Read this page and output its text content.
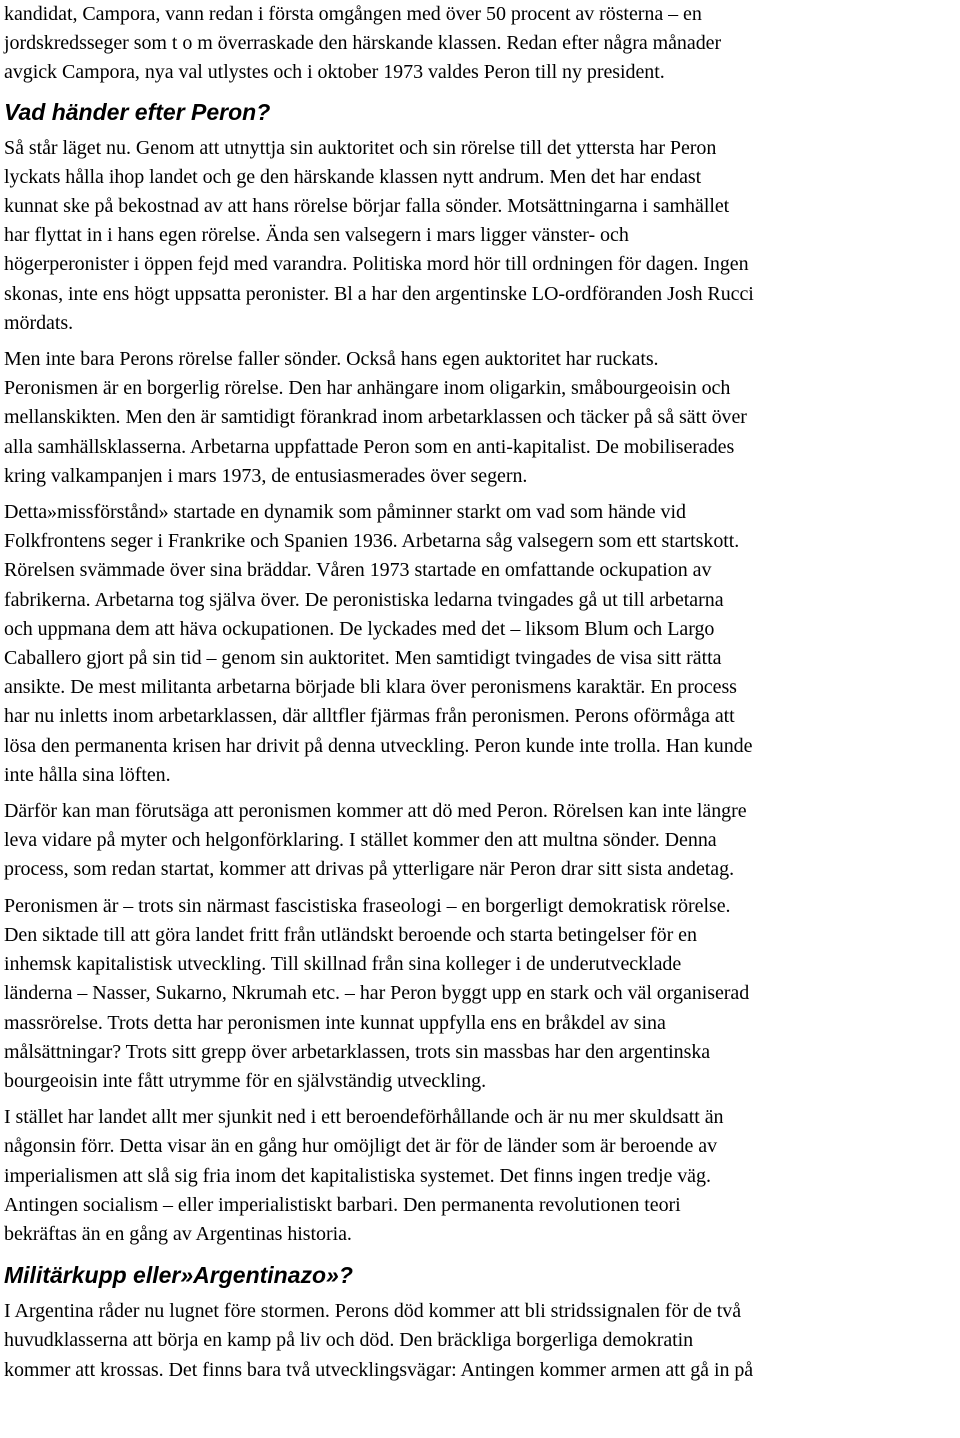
kandidat, Campora, vann redan i första omgången med över 50 procent av rösterna – en
jordskredsseger som t o m överraskade den härskande klassen. Redan efter några månader
avgick Campora, nya val utlystes och i oktober 1973 valdes Peron till ny president.

Vad händer efter Peron?

Så står läget nu. Genom att utnyttja sin auktoritet och sin rörelse till det yttersta har Peron
lyckats hålla ihop landet och ge den härskande klassen nytt andrum. Men det har endast
kunnat ske på bekostnad av att hans rörelse börjar falla sönder. Motsättningarna i samhället
har flyttat in i hans egen rörelse. Ända sen valsegern i mars ligger vänster- och
högerperonister i öppen fejd med varandra. Politiska mord hör till ordningen för dagen. Ingen
skonas, inte ens högt uppsatta peronister. Bl a har den argentinske LO-ordföranden Josh Rucci
mördats.

Men inte bara Perons rörelse faller sönder. Också hans egen auktoritet har ruckats.
Peronismen är en borgerlig rörelse. Den har anhängare inom oligarkin, småbourgeoisin och
mellanskikten. Men den är samtidigt förankrad inom arbetarklassen och täcker på så sätt över
alla samhällsklasserna. Arbetarna uppfattade Peron som en anti-kapitalist. De mobiliserades
kring valkampanjen i mars 1973, de entusiasmerades över segern.

Detta»missförstånd» startade en dynamik som påminner starkt om vad som hände vid
Folkfrontens seger i Frankrike och Spanien 1936. Arbetarna såg valsegern som ett startskott.
Rörelsen svämmade över sina bräddar. Våren 1973 startade en omfattande ockupation av
fabrikerna. Arbetarna tog själva över. De peronistiska ledarna tvingades gå ut till arbetarna
och uppmana dem att häva ockupationen. De lyckades med det – liksom Blum och Largo
Caballero gjort på sin tid – genom sin auktoritet. Men samtidigt tvingades de visa sitt rätta
ansikte. De mest militanta arbetarna började bli klara över peronismens karaktär. En process
har nu inletts inom arbetarklassen, där alltfler fjärmas från peronismen. Perons oförmåga att
lösa den permanenta krisen har drivit på denna utveckling. Peron kunde inte trolla. Han kunde
inte hålla sina löften.

Därför kan man förutsäga att peronismen kommer att dö med Peron. Rörelsen kan inte längre
leva vidare på myter och helgonförklaring. I stället kommer den att multna sönder. Denna
process, som redan startat, kommer att drivas på ytterligare när Peron drar sitt sista andetag.

Peronismen är – trots sin närmast fascistiska fraseologi – en borgerligt demokratisk rörelse.
Den siktade till att göra landet fritt från utländskt beroende och starta betingelser för en
inhemsk kapitalistisk utveckling. Till skillnad från sina kolleger i de underutvecklade
länderna – Nasser, Sukarno, Nkrumah etc. – har Peron byggt upp en stark och väl organiserad
massrörelse. Trots detta har peronismen inte kunnat uppfylla ens en bråkdel av sina
målsättningar? Trots sitt grepp över arbetarklassen, trots sin massbas har den argentinska
bourgeoisin inte fått utrymme för en självständig utveckling.

I stället har landet allt mer sjunkit ned i ett beroendeförhållande och är nu mer skuldsatt än
någonsin förr. Detta visar än en gång hur omöjligt det är för de länder som är beroende av
imperialismen att slå sig fria inom det kapitalistiska systemet. Det finns ingen tredje väg.
Antingen socialism – eller imperialistiskt barbari. Den permanenta revolutionen teori
bekräftas än en gång av Argentinas historia.

Militärkupp eller»Argentinazo»?

I Argentina råder nu lugnet före stormen. Perons död kommer att bli stridssignalen för de två
huvudklasserna att börja en kamp på liv och död. Den bräckliga borgerliga demokratin
kommer att krossas. Det finns bara två utvecklingsvägar: Antingen kommer armen att gå in på
